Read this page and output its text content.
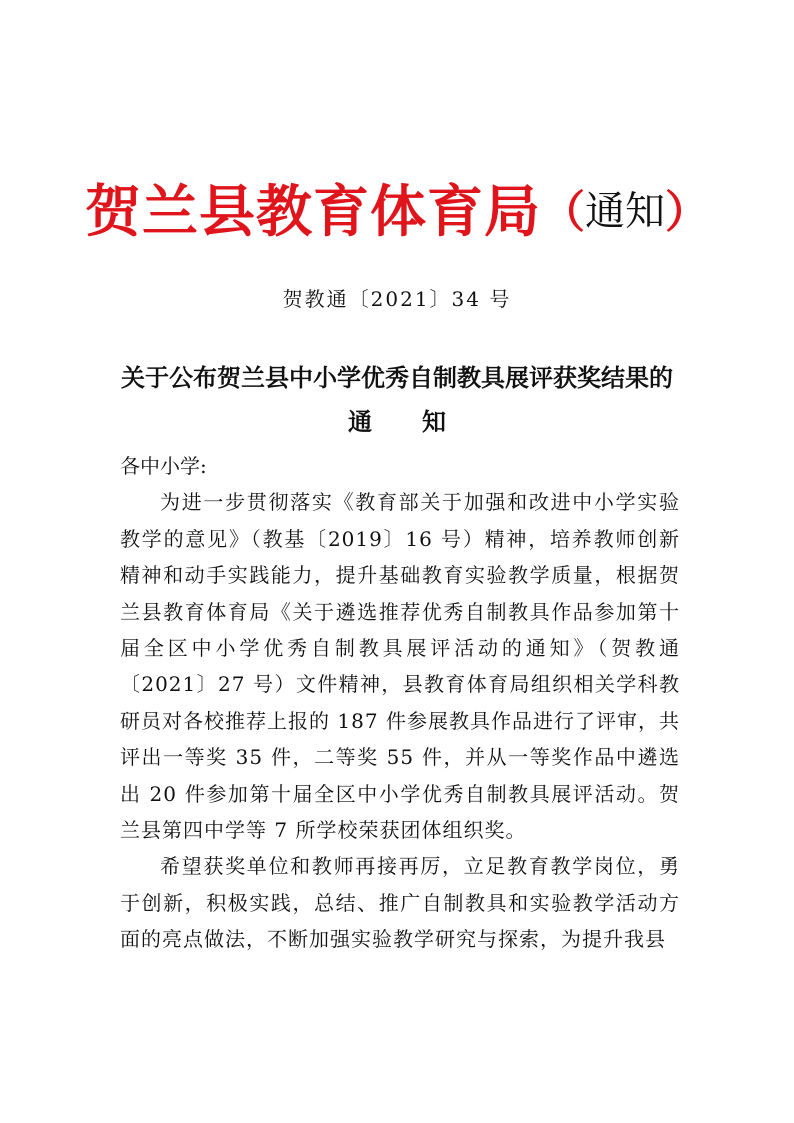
贺兰县教育体育局（通知）
贺教通〔2021〕34 号
关于公布贺兰县中小学优秀自制教具展评获奖结果的
通知

各中小学:

为进一步贯彻落实《教育部关于加强和改进中小学实验教学的意见》（教基〔2019〕16 号）精神，培养教师创新精神和动手实践能力，提升基础教育实验教学质量，根据贺兰县教育体育局《关于遴选推荐优秀自制教具作品参加第十届全区中小学优秀自制教具展评活动的通知》（贺教通〔2021〕27 号）文件精神，县教育体育局组织相关学科教研员对各校推荐上报的 187 件参展教具作品进行了评审，共评出一等奖 35 件，二等奖 55 件，并从一等奖作品中遴选出 20 件参加第十届全区中小学优秀自制教具展评活动。贺兰县第四中学等 7 所学校荣获团体组织奖。

希望获奖单位和教师再接再厉，立足教育教学岗位，勇于创新，积极实践，总结、推广自制教具和实验教学活动方面的亮点做法，不断加强实验教学研究与探索，为提升我县
